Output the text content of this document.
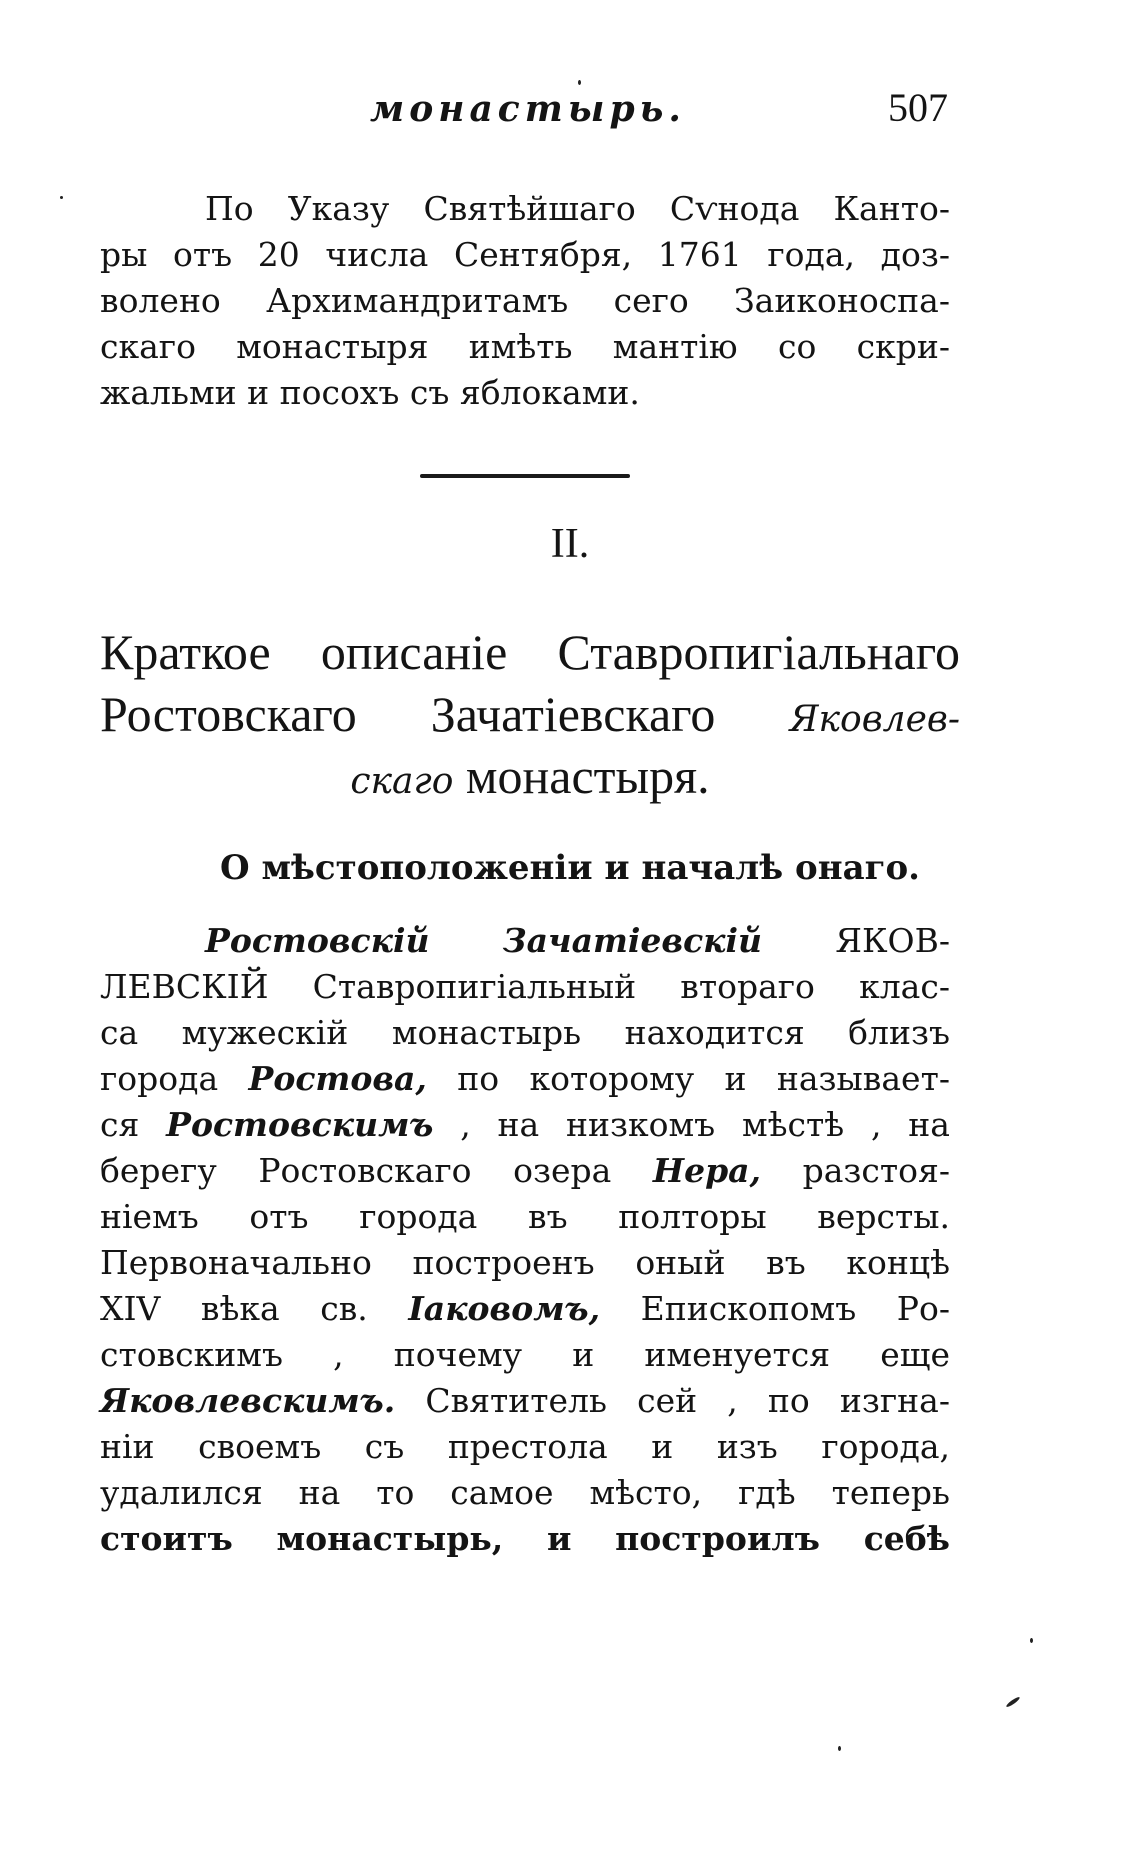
монастырь.	507
По Указу Святѣйшаго Сѵнода Канто-
ры отъ 20 числа Сентября, 1761 года, доз-
волено Архимандритамъ сего Заиконоспа-
скаго монастыря имѣть мантію со скри-
жальми и посохъ съ яблоками.
II.
Краткое описаніе Ставропигіальнаго
Ростовскаго Зачатіевскаго Яковлев-
скаго монастыря.
О мѣстоположеніи и началѣ онаго.
Ростовскій Зачатіевскій ЯКОВ-
ЛЕВСКІЙ Ставропигіальный втораго клас-
са мужескій монастырь находится близъ
города Ростова, по которому и называет-
ся Ростовскимъ , на низкомъ мѣстѣ , на
берегу Ростовскаго озера Нера, разстоя-
ніемъ отъ города въ полторы версты.
Первоначально построенъ оный въ концѣ
XIV вѣка св. Іаковомъ, Епископомъ Ро-
стовскимъ , почему и именуется еще
Яковлевскимъ. Святитель сей , по изгна-
ніи своемъ съ престола и изъ города,
удалился на то самое мѣсто, гдѣ теперь
стоитъ монастырь, и построилъ себѣ
